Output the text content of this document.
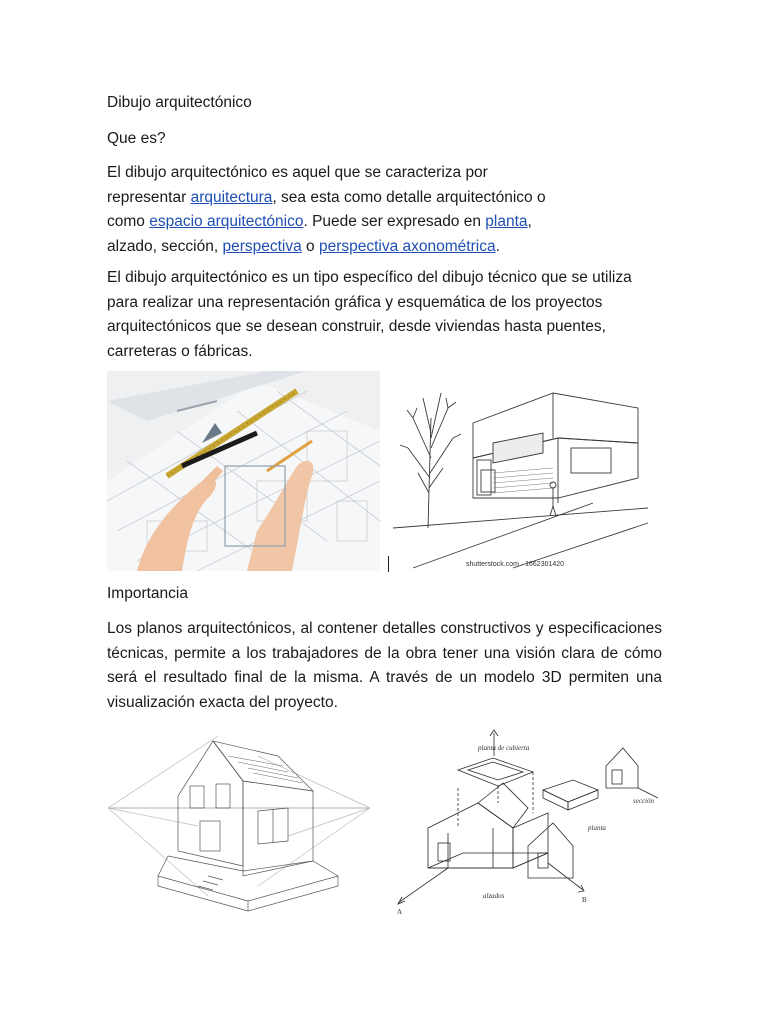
Dibujo arquitectónico

Que es?

El dibujo arquitectónico es aquel que se caracteriza por representar arquitectura, sea esta como detalle arquitectónico o como espacio arquitectónico. Puede ser expresado en planta, alzado, sección, perspectiva o perspectiva axonométrica.

El dibujo arquitectónico es un tipo específico del dibujo técnico que se utiliza para realizar una representación gráfica y esquemática de los proyectos arquitectónicos que se desean construir, desde viviendas hasta puentes, carreteras o fábricas.

shutterstock.com · 1662301420

Importancia

Los planos arquitectónicos, al contener detalles constructivos y especificaciones técnicas, permite a los trabajadores de la obra tener una visión clara de cómo será el resultado final de la misma. A través de un modelo 3D permiten una visualización exacta del proyecto.

planta de cubierta
sección
planta
alzados
A
B
